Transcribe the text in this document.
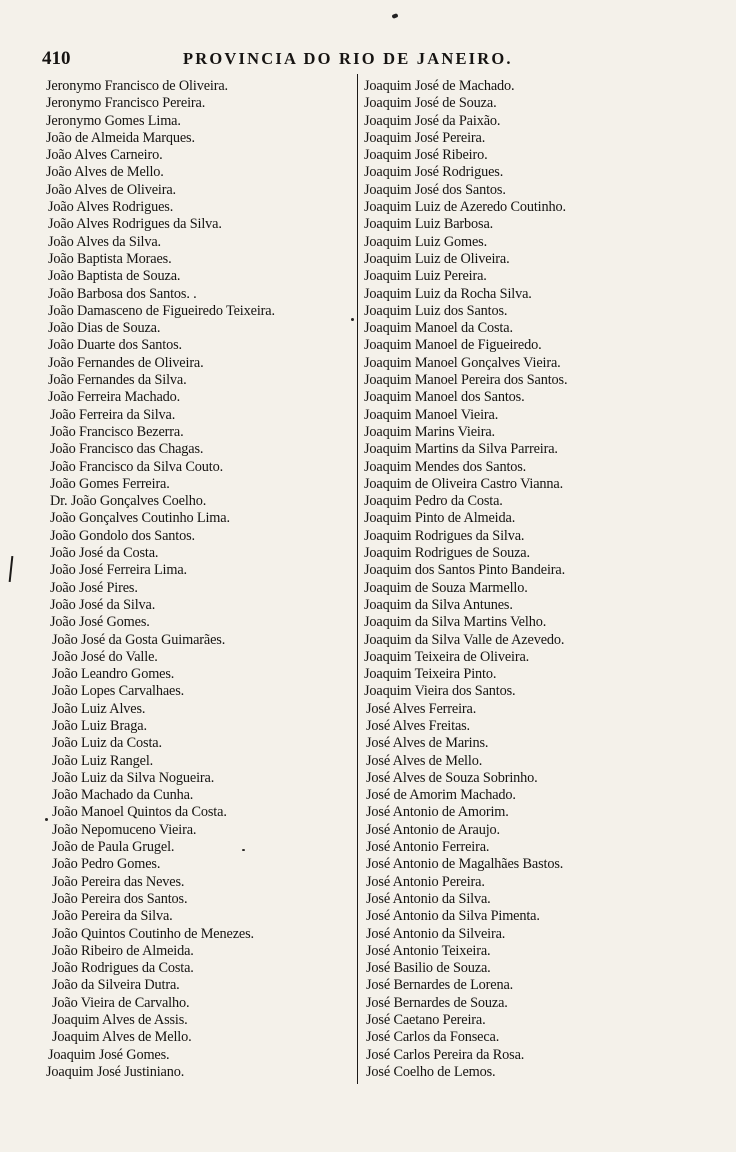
410	PROVINCIA DO RIO DE JANEIRO.
Jeronymo Francisco de Oliveira.
Jeronymo Francisco Pereira.
Jeronymo Gomes Lima.
João de Almeida Marques.
João Alves Carneiro.
João Alves de Mello.
João Alves de Oliveira.
João Alves Rodrigues.
João Alves Rodrigues da Silva.
João Alves da Silva.
João Baptista Moraes.
João Baptista de Souza.
João Barbosa dos Santos. .
João Damasceno de Figueiredo Teixeira.
João Dias de Souza.
João Duarte dos Santos.
João Fernandes de Oliveira.
João Fernandes da Silva.
João Ferreira Machado.
João Ferreira da Silva.
João Francisco Bezerra.
João Francisco das Chagas.
João Francisco da Silva Couto.
João Gomes Ferreira.
Dr. João Gonçalves Coelho.
João Gonçalves Coutinho Lima.
João Gondolo dos Santos.
João José da Costa.
João José Ferreira Lima.
João José Pires.
João José da Silva.
João José Gomes.
João José da Gosta Guimarães.
João José do Valle.
João Leandro Gomes.
João Lopes Carvalhaes.
João Luiz Alves.
João Luiz Braga.
João Luiz da Costa.
João Luiz Rangel.
João Luiz da Silva Nogueira.
João Machado da Cunha.
João Manoel Quintos da Costa.
João Nepomuceno Vieira.
João de Paula Grugel.
João Pedro Gomes.
João Pereira das Neves.
João Pereira dos Santos.
João Pereira da Silva.
João Quintos Coutinho de Menezes.
João Ribeiro de Almeida.
João Rodrigues da Costa.
João da Silveira Dutra.
João Vieira de Carvalho.
Joaquim Alves de Assis.
Joaquim Alves de Mello.
Joaquim José Gomes.
Joaquim José Justiniano.
Joaquim José de Machado.
Joaquim José de Souza.
Joaquim José da Paixão.
Joaquim José Pereira.
Joaquim José Ribeiro.
Joaquim José Rodrigues.
Joaquim José dos Santos.
Joaquim Luiz de Azeredo Coutinho.
Joaquim Luiz Barbosa.
Joaquim Luiz Gomes.
Joaquim Luiz de Oliveira.
Joaquim Luiz Pereira.
Joaquim Luiz da Rocha Silva.
Joaquim Luiz dos Santos.
Joaquim Manoel da Costa.
Joaquim Manoel de Figueiredo.
Joaquim Manoel Gonçalves Vieira.
Joaquim Manoel Pereira dos Santos.
Joaquim Manoel dos Santos.
Joaquim Manoel Vieira.
Joaquim Marins Vieira.
Joaquim Martins da Silva Parreira.
Joaquim Mendes dos Santos.
Joaquim de Oliveira Castro Vianna.
Joaquim Pedro da Costa.
Joaquim Pinto de Almeida.
Joaquim Rodrigues da Silva.
Joaquim Rodrigues de Souza.
Joaquim dos Santos Pinto Bandeira.
Joaquim de Souza Marmello.
Joaquim da Silva Antunes.
Joaquim da Silva Martins Velho.
Joaquim da Silva Valle de Azevedo.
Joaquim Teixeira de Oliveira.
Joaquim Teixeira Pinto.
Joaquim Vieira dos Santos.
José Alves Ferreira.
José Alves Freitas.
José Alves de Marins.
José Alves de Mello.
José Alves de Souza Sobrinho.
José de Amorim Machado.
José Antonio de Amorim.
José Antonio de Araujo.
José Antonio Ferreira.
José Antonio de Magalhães Bastos.
José Antonio Pereira.
José Antonio da Silva.
José Antonio da Silva Pimenta.
José Antonio da Silveira.
José Antonio Teixeira.
José Basilio de Souza.
José Bernardes de Lorena.
José Bernardes de Souza.
José Caetano Pereira.
José Carlos da Fonseca.
José Carlos Pereira da Rosa.
José Coelho de Lemos.
